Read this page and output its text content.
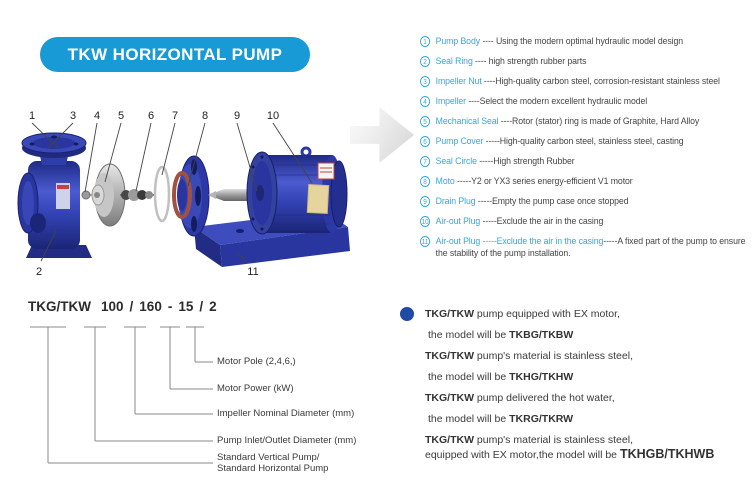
TKW HORIZONTAL PUMP
1	3 4 5 6 7 8 9 10
2	11
1 Pump Body ---- Using the modern optimal hydraulic model design
2 Seal Ring ---- high strength rubber parts
3 Impeller Nut ----High-quality carbon steel, corrosion-resistant stainless steel
4 Impeller ----Select the modern excellent hydraulic model
5 Mechanical Seal ----Rotor (stator) ring is made of Graphite, Hard Alloy
6 Pump Cover -----High-quality carbon steel, stainless steel, casting
7 Seal Circle -----High strength Rubber
8 Moto -----Y2 or YX3 series energy-efficient V1 motor
9 Drain Plug -----Empty the pump case once stopped
10 Air-out Plug -----Exclude the air in the casing
11 Air-out Plug -----Exclude the air in the casing-----A fixed part of the pump to ensure the stability of the pump installation.
TKG/TKW 100 / 160 - 15 / 2
Motor Pole (2,4,6,)
Motor Power (kW)
Impeller Nominal Diameter (mm)
Pump Inlet/Outlet Diameter (mm)
Standard Vertical Pump/
Standard Horizontal Pump
TKG/TKW pump equipped with EX motor,
the model will be TKBG/TKBW
TKG/TKW pump's material is stainless steel,
the model will be TKHG/TKHW
TKG/TKW pump delivered the hot water,
the model will be TKRG/TKRW
TKG/TKW pump's material is stainless steel,
equipped with EX motor,the model will be TKHGB/TKHWB
